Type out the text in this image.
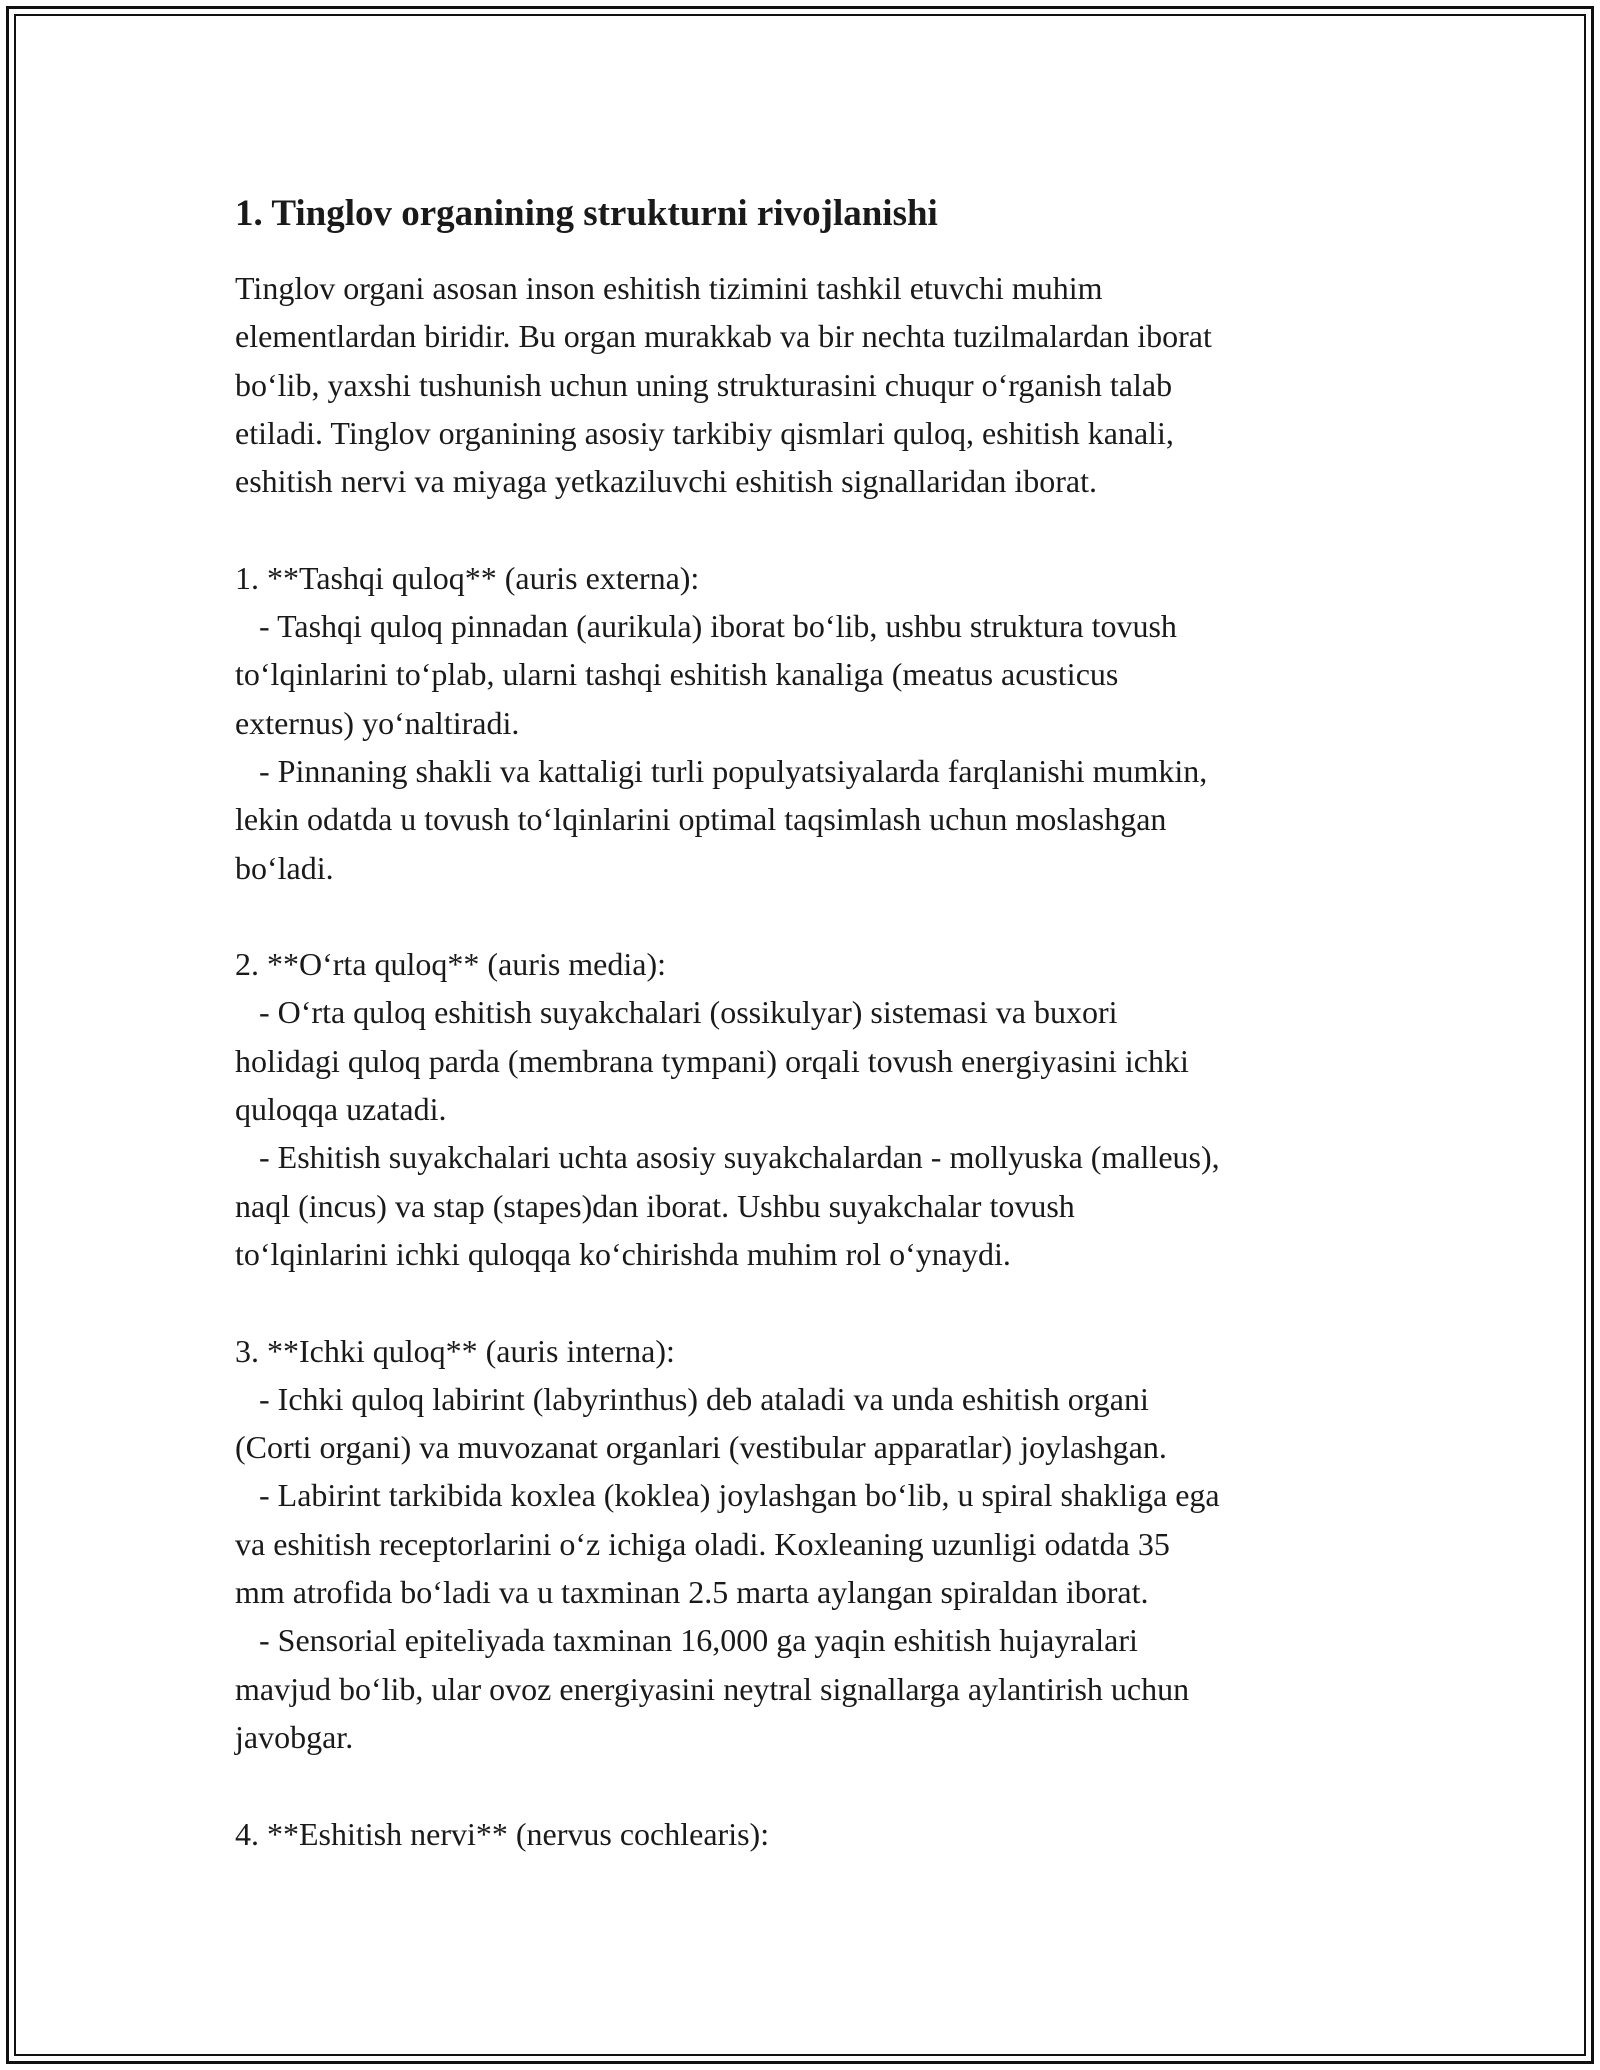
1. Tinglov organining strukturni rivojlanishi
Tinglov organi asosan inson eshitish tizimini tashkil etuvchi muhim
elementlardan biridir. Bu organ murakkab va bir nechta tuzilmalardan iborat
bo‘lib, yaxshi tushunish uchun uning strukturasini chuqur o‘rganish talab
etiladi. Tinglov organining asosiy tarkibiy qismlari quloq, eshitish kanali,
eshitish nervi va miyaga yetkaziluvchi eshitish signallaridan iborat.
1. **Tashqi quloq** (auris externa):
- Tashqi quloq pinnadan (aurikula) iborat bo‘lib, ushbu struktura tovush
to‘lqinlarini to‘plab, ularni tashqi eshitish kanaliga (meatus acusticus
externus) yo‘naltiradi.
- Pinnaning shakli va kattaligi turli populyatsiyalarda farqlanishi mumkin,
lekin odatda u tovush to‘lqinlarini optimal taqsimlash uchun moslashgan
bo‘ladi.
2. **O‘rta quloq** (auris media):
- O‘rta quloq eshitish suyakchalari (ossikulyar) sistemasi va buxori
holidagi quloq parda (membrana tympani) orqali tovush energiyasini ichki
quloqqa uzatadi.
- Eshitish suyakchalari uchta asosiy suyakchalardan - mollyuska (malleus),
naql (incus) va stap (stapes)dan iborat. Ushbu suyakchalar tovush
to‘lqinlarini ichki quloqqa ko‘chirishda muhim rol o‘ynaydi.
3. **Ichki quloq** (auris interna):
- Ichki quloq labirint (labyrinthus) deb ataladi va unda eshitish organi
(Corti organi) va muvozanat organlari (vestibular apparatlar) joylashgan.
- Labirint tarkibida koxlea (koklea) joylashgan bo‘lib, u spiral shakliga ega
va eshitish receptorlarini o‘z ichiga oladi. Koxleaning uzunligi odatda 35
mm atrofida bo‘ladi va u taxminan 2.5 marta aylangan spiraldan iborat.
- Sensorial epiteliyada taxminan 16,000 ga yaqin eshitish hujayralari
mavjud bo‘lib, ular ovoz energiyasini neytral signallarga aylantirish uchun
javobgar.
4. **Eshitish nervi** (nervus cochlearis):
